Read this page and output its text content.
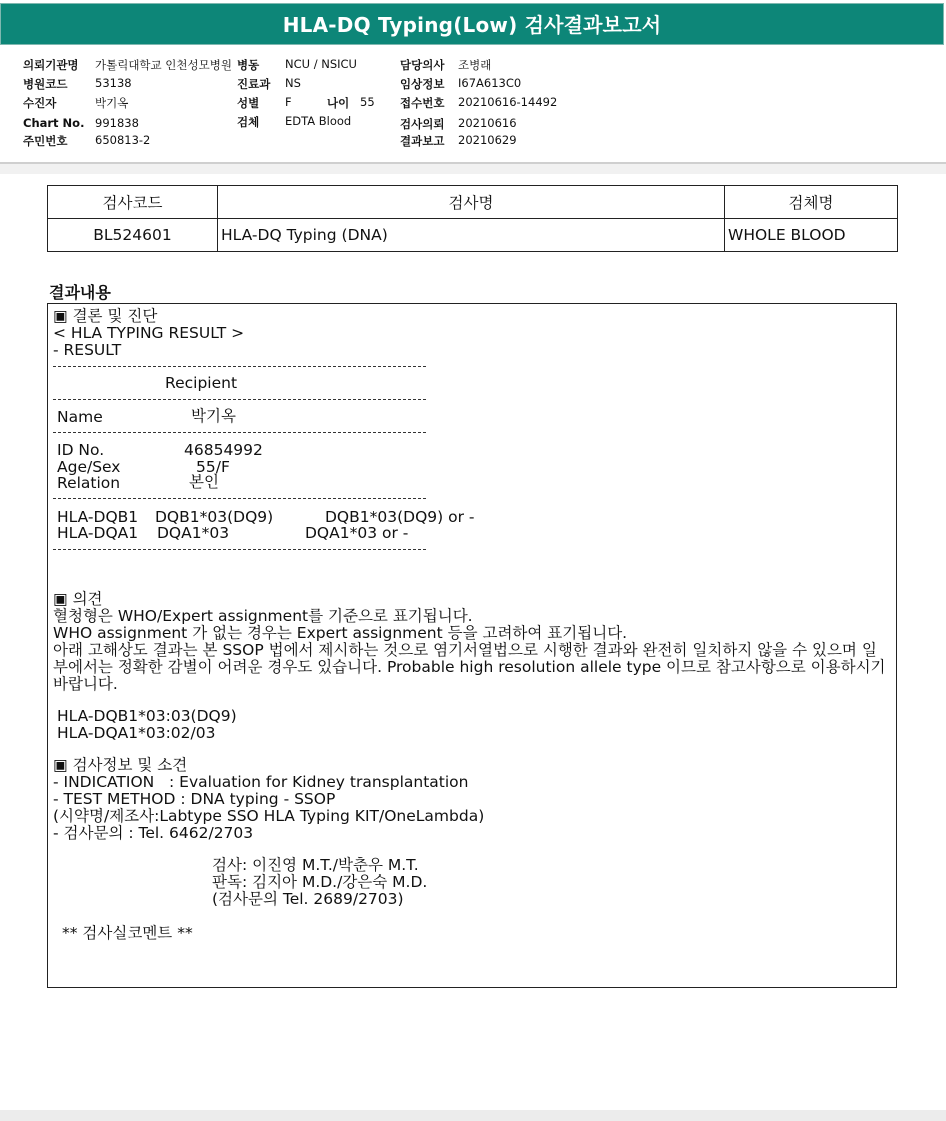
HLA-DQ Typing(Low) 검사결과보고서
의뢰기관명 가톨릭대학교 인천성모병원
병원코드 53138
수진자	박기옥
Chart No. 991838
주민번호 650813-2
병동 NCU / NSICU
진료과 NS
성별 F	나이 55
검체 EDTA Blood
담당의사 조병래
임상정보 I67A613C0
접수번호 20210616-14492
검사의뢰 20210616
결과보고 20210629
검사코드	검사명	검체명
BL524601	HLA-DQ Typing (DNA)	WHOLE BLOOD
결과내용
▣ 결론 및 진단
< HLA TYPING RESULT >
- RESULT
Recipient
Name	박기옥
ID No.	46854992
Age/Sex	55/F
Relation	본인
HLA-DQB1 DQB1*03(DQ9)	DQB1*03(DQ9) or -
HLA-DQA1 DQA1*03	DQA1*03 or -
▣ 의견
혈청형은 WHO/Expert assignment를 기준으로 표기됩니다.
WHO assignment 가 없는 경우는 Expert assignment 등을 고려하여 표기됩니다.
아래 고해상도 결과는 본 SSOP 법에서 제시하는 것으로 염기서열법으로 시행한 결과와 완전히 일치하지 않을 수 있으며 일부에서는 정확한 감별이 어려운 경우도 있습니다. Probable high resolution allele type 이므로 참고사항으로 이용하시기 바랍니다.
HLA-DQB1*03:03(DQ9)
HLA-DQA1*03:02/03
▣ 검사정보 및 소견
- INDICATION   : Evaluation for Kidney transplantation
- TEST METHOD : DNA typing - SSOP
(시약명/제조사:Labtype SSO HLA Typing KIT/OneLambda)
- 검사문의 : Tel. 6462/2703
검사: 이진영 M.T./박춘우 M.T.
판독: 김지아 M.D./강은숙 M.D.
(검사문의 Tel. 2689/2703)
** 검사실코멘트 **
